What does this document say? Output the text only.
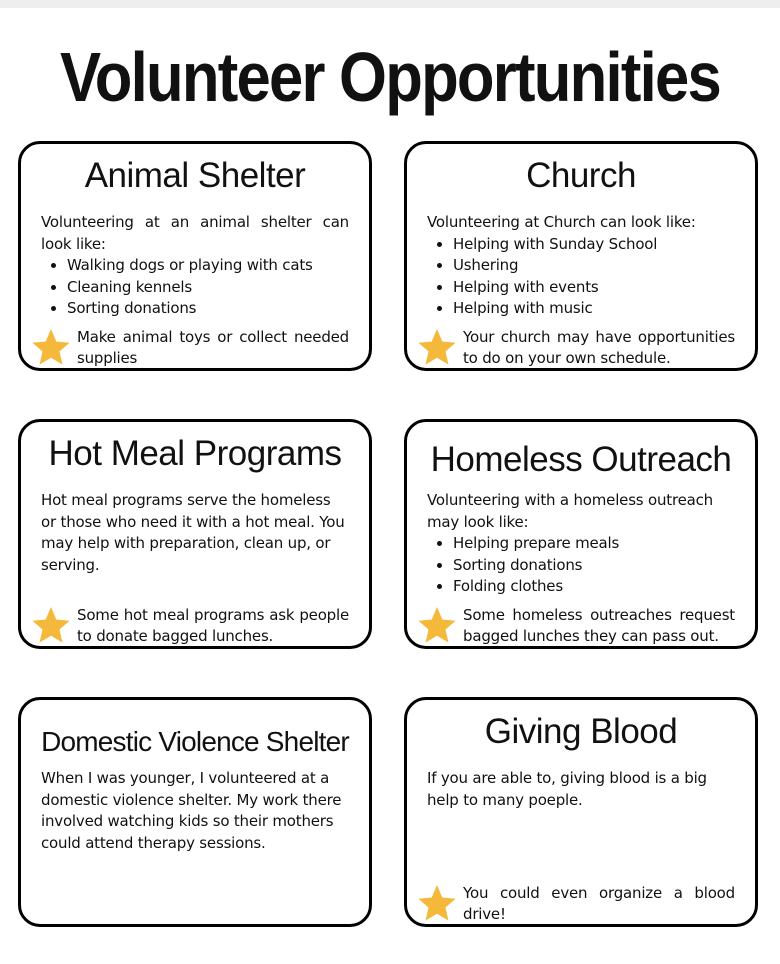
Volunteer Opportunities
Animal Shelter
Volunteering at an animal shelter can look like:
• Walking dogs or playing with cats
• Cleaning kennels
• Sorting donations
Make animal toys or collect needed supplies
Church
Volunteering at Church can look like:
• Helping with Sunday School
• Ushering
• Helping with events
• Helping with music
Your church may have opportunities to do on your own schedule.
Hot Meal Programs
Hot meal programs serve the homeless or those who need it with a hot meal. You may help with preparation, clean up, or serving.
Some hot meal programs ask people to donate bagged lunches.
Homeless Outreach
Volunteering with a homeless outreach may look like:
• Helping prepare meals
• Sorting donations
• Folding clothes
Some homeless outreaches request bagged lunches they can pass out.
Domestic Violence Shelter
When I was younger, I volunteered at a domestic violence shelter. My work there involved watching kids so their mothers could attend therapy sessions.
Giving Blood
If you are able to, giving blood is a big help to many poeple.
You could even organize a blood drive!
